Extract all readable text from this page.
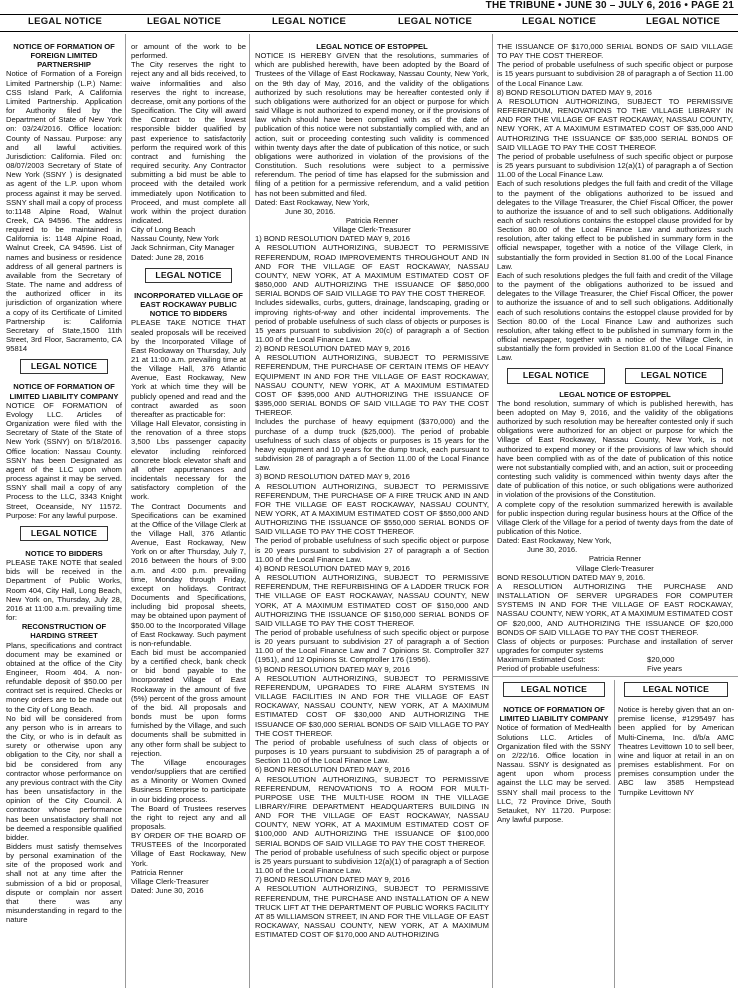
THE TRIBUNE • JUNE 30 – JULY 6, 2016 • PAGE 21
LEGAL NOTICE	LEGAL NOTICE	LEGAL NOTICE	LEGAL NOTICE	LEGAL NOTICE	LEGAL NOTICE

NOTICE OF FORMATION OF FOREIGN LIMITED PARTNERSHIP

Notice of Formation of a Foreign Limited Partnership (L.P.) Name: CSS Island Park, A California Limited Partnership. Application for Authority filed by the Department of State of New York on: 03/24/2016. Office location: County of Nassau. Purpose: any and all lawful activities. Jurisdiction: California. Filed on: 08/07/2003 Secretary of State of New York (SSNY ) is designated as agent of the L.P. upon whom process against it may be served. SSNY shall mail a copy of process to:1148 Alpine Road, Walnut Creek, CA 94596. The address required to be maintained in California is: 1148 Alpine Road, Walnut Creek, CA 94596. List of names and business or residence address of all general partners is available from the Secretary of State. The name and address of the authorized officer in its jurisdiction of organization where a copy of its Certificate of Limited Partnership is: California Secretary of State,1500 11th Street, 3rd Floor, Sacramento, CA 95814

LEGAL NOTICE

NOTICE OF FORMATION OF LIMITED LIABILITY COMPANY

NOTICE OF FORMATION of Evology LLC. Articles of Organization were filed with the Secretary of State of the State of New York (SSNY) on 5/18/2016. Office location: Nassau County. SSNY has been Designated as agent of the LLC upon whom process against it may be served. SSNY shall mail a copy of any Process to the LLC, 3343 Knight Street, Oceanside, NY 11572. Purpose: For any lawful purpose.

LEGAL NOTICE

NOTICE TO BIDDERS

PLEASE TAKE NOTE that sealed bids will be received in the Department of Public Works, Room 404, City Hall, Long Beach, New York on, Thursday, July 28, 2016 at 11:00 a.m. prevailing time for:

RECONSTRUCTION OF HARDING STREET

Plans, specifications and contract document may be examined or obtained at the office of the City Engineer, Room 404. A non-refundable deposit of $50.00 per contract set is required. Checks or money orders are to be made out to the City of Long Beach.

No bid will be considered from any person who is in arrears to the City, or who is in default as surety or otherwise upon any obligation to the City, nor shall a bid be considered from any contractor whose performance on any previous contract with the City has been unsatisfactory in the opinion of the City Council. A contractor whose performance has been unsatisfactory shall not be deemed a responsible qualified bidder.

Bidders must satisfy themselves by personal examination of the site of the proposed work and shall not at any time after the submission of a bid or proposal, dispute or complain nor assert that there was any misunderstanding in regard to the nature

or amount of the work to be performed.

The City reserves the right to reject any and all bids received, to waive informalities and also reserves the right to increase, decrease, omit any portions of the Specification. The City will award the Contract to the lowest responsible bidder qualified by past experience to satisfactorily perform the required work of this contract and furnishing the required security. Any Contractor submitting a bid must be able to proceed with the detailed work immediately upon Notification to Proceed, and must complete all work within the project duration indicated.

City of Long Beach

Nassau County, New York

Jack Schnirman, City Manager

Dated: June 28, 2016

LEGAL NOTICE

INCORPORATED VILLAGE OF EAST ROCKAWAY PUBLIC NOTICE TO BIDDERS

PLEASE TAKE NOTICE THAT sealed proposals will be received by the Incorporated Village of East Rockaway on Thursday, July 21 at 11:00 a.m. prevailing time at the Village Hall, 376 Atlantic Avenue, East Rockaway, New York at which time they will be publicly opened and read and the contract awarded as soon thereafter as practicable for:

Village Hall Elevator, consisting in the renovation of a three stops 3,500 Lbs passenger capacity elevator including reinforced concrete block elevator shaft and all other appurtenances and incidentals necessary for the satisfactory completion of the work.

The Contract Documents and Specifications can be examined at the Office of the Village Clerk at the Village Hall, 376 Atlantic Avenue, East Rockaway, New York on or after Thursday, July 7, 2016 between the hours of 9:00 a.m. and 4:00 p.m. prevailing time, Monday through Friday, except on holidays. Contract Documents and Specifications, including bid proposal sheets, may be obtained upon payment of $50.00 to the Incorporated Village of East Rockaway. Such payment is non-refundable.

Each bid must be accompanied by a certified check, bank check or bid bond payable to the Incorporated Village of East Rockaway in the amount of five (5%) percent of the gross amount of the bid. All proposals and bonds must be upon forms furnished by the Village, and such documents shall be submitted in any other form shall be subject to rejection.

The Village encourages vendor/suppliers that are certified as a Minority or Women Owned Business Enterprise to participate in our bidding process.

The Board of Trustees reserves the right to reject any and all proposals.

BY ORDER OF THE BOARD OF TRUSTEES of the Incorporated Village of East Rockaway, New York.

Patricia Renner

Village Clerk-Treasurer

Dated: June 30, 2016

LEGAL NOTICE OF ESTOPPEL

NOTICE IS HEREBY GIVEN that the resolutions, summaries of which are published herewith, have been adopted by the Board of Trustees of the Village of East Rockaway, Nassau County, New York, on the 9th day of May, 2016, and the validity of the obligations authorized by such resolutions may be hereafter contested only if such obligations were authorized for an object or purpose for which said Village is not authorized to expend money, or if the provisions of law which should have been complied with as of the date of publication of this notice were not substantially complied with, and an action, suit or proceeding contesting such validity is commenced within twenty days after the date of publication of this notice, or such obligations were authorized in violation of the provisions of the Constitution. Such resolutions were subject to a permissive referendum. The period of time has elapsed for the submission and filing of a petition for a permissive referendum, and a valid petition has not been submitted and filed.

Dated: East Rockaway, New York,

June 30, 2016.

Patricia Renner

Village Clerk-Treasurer

1) BOND RESOLUTION DATED MAY 9, 2016

A RESOLUTION AUTHORIZING, SUBJECT TO PERMISSIVE REFERENDUM, ROAD IMPROVEMENTS THROUGHOUT AND IN AND FOR THE VILLAGE OF EAST ROCKAWAY, NASSAU COUNTY, NEW YORK, AT A MAXIMUM ESTIMATED COST OF $850,000 AND AUTHORIZING THE ISSUANCE OF $850,000 SERIAL BONDS OF SAID VILLAGE TO PAY THE COST THEREOF.

Includes sidewalks, curbs, gutters, drainage, landscaping, grading or improving rights-of-way and other incidental improvements. The period of probable usefulness of such class of objects or purposes is 15 years pursuant to subdivision 20(c) of paragraph a of Section 11.00 of the Local Finance Law.

2) BOND RESOLUTION DATED MAY 9, 2016

A RESOLUTION AUTHORIZING, SUBJECT TO PERMISSIVE REFERENDUM, THE PURCHASE OF CERTAIN ITEMS OF HEAVY EQUIPMENT IN AND FOR THE VILLAGE OF EAST ROCKAWAY, NASSAU COUNTY, NEW YORK, AT A MAXIMUM ESTIMATED COST OF $395,000 AND AUTHORIZING THE ISSUANCE OF $395,000 SERIAL BONDS OF SAID VILLAGE TO PAY THE COST THEREOF.

Includes the purchase of heavy equipment ($370,000) and the purchase of a dump truck ($25,000). The period of probable usefulness of such class of objects or purposes is 15 years for the heavy equipment and 10 years for the dump truck, each pursuant to subdivision 28 of paragraph a of Section 11.00 of the Local Finance Law.

3) BOND RESOLUTION DATED MAY 9, 2016

A RESOLUTION AUTHORIZING, SUBJECT TO PERMISSIVE REFERENDUM, THE PURCHASE OF A FIRE TRUCK AND IN AND FOR THE VILLAGE OF EAST ROCKAWAY, NASSAU COUNTY, NEW YORK, AT A MAXIMUM ESTIMATED COST OF $550,000 AND AUTHORIZING THE ISSUANCE OF $550,000 SERIAL BONDS OF SAID VILLAGE TO PAY THE COST THEREOF.

The period of probable usefulness of such specific object or purpose is 20 years pursuant to subdivision 27 of paragraph a of Section 11.00 of the Local Finance Law.

4) BOND RESOLUTION DATED MAY 9, 2016

A RESOLUTION AUTHORIZING, SUBJECT TO PERMISSIVE REFERENDUM, THE REFURBISHING OF A LADDER TRUCK FOR THE VILLAGE OF EAST ROCKAWAY, NASSAU COUNTY, NEW YORK, AT A MAXIMUM ESTIMATED COST OF $150,000 AND AUTHORIZING THE ISSUANCE OF $150,000 SERIAL BONDS OF SAID VILLAGE TO PAY THE COST THEREOF.

The period of probable usefulness of such specific object or purpose is 20 years pursuant to subdivision 27 of paragraph a of Section 11.00 of the Local Finance Law and 7 Opinions St. Comptroller 327 (1951), and 12 Opinions St. Comptroller 176 (1956).

5) BOND RESOLUTION DATED MAY 9, 2016

A RESOLUTION AUTHORIZING, SUBJECT TO PERMISSIVE REFERENDUM, UPGRADES TO FIRE ALARM SYSTEMS IN VILLAGE FACILITIES IN AND FOR THE VILLAGE OF EAST ROCKAWAY, NASSAU COUNTY, NEW YORK, AT A MAXIMUM ESTIMATED COST OF $30,000 AND AUTHORIZING THE ISSUANCE OF $30,000 SERIAL BONDS OF SAID VILLAGE TO PAY THE COST THEREOF.

The period of probable usefulness of such class of objects or purposes is 10 years pursuant to subdivision 25 of paragraph a of Section 11.00 of the Local Finance Law.

6) BOND RESOLUTION DATED MAY 9, 2016

A RESOLUTION AUTHORIZING, SUBJECT TO PERMISSIVE REFERENDUM, RENOVATIONS TO A ROOM FOR MULTI-PURPOSE USE THE MULTI-USE ROOM IN THE VILLAGE LIBRARY/FIRE DEPARTMENT HEADQUARTERS BUILDING IN AND FOR THE VILLAGE OF EAST ROCKAWAY, NASSAU COUNTY, NEW YORK, AT A MAXIMUM ESTIMATED COST OF $100,000 AND AUTHORIZING THE ISSUANCE OF $100,000 SERIAL BONDS OF SAID VILLAGE TO PAY THE COST THEREOF.

The period of probable usefulness of such specific object or purpose is 25 years pursuant to subdivision 12(a)(1) of paragraph a of Section 11.00 of the Local Finance Law.

7) BOND RESOLUTION DATED MAY 9, 2016

A RESOLUTION AUTHORIZING, SUBJECT TO PERMISSIVE REFERENDUM, THE PURCHASE AND INSTALLATION OF A NEW TRUCK LIFT AT THE DEPARTMENT OF PUBLIC WORKS FACILITY AT 85 WILLIAMSON STREET, IN AND FOR THE VILLAGE OF EAST ROCKAWAY, NASSAU COUNTY, NEW YORK, AT A MAXIMUM ESTIMATED COST OF $170,000 AND AUTHORIZING

THE ISSUANCE OF $170,000 SERIAL BONDS OF SAID VILLAGE TO PAY THE COST THEREOF.

The period of probable usefulness of such specific object or purpose is 15 years pursuant to subdivision 28 of paragraph a of Section 11.00 of the Local Finance Law.

8) BOND RESOLUTION DATED MAY 9, 2016

A RESOLUTION AUTHORIZING, SUBJECT TO PERMISSIVE REFERENDUM, RENOVATIONS TO THE VILLAGE LIBRARY IN AND FOR THE VILLAGE OF EAST ROCKAWAY, NASSAU COUNTY, NEW YORK, AT A MAXIMUM ESTIMATED COST OF $35,000 AND AUTHORIZING THE ISSUANCE OF $35,000 SERIAL BONDS OF SAID VILLAGE TO PAY THE COST THEREOF.

The period of probable usefulness of such specific object or purpose is 25 years pursuant to subdivision 12(a)(1) of paragraph a of Section 11.00 of the Local Finance Law.

Each of such resolutions pledges the full faith and credit of the Village to the payment of the obligations authorized to be issued and delegates to the Village Treasurer, the Chief Fiscal Officer, the power to authorize the issuance of and to sell such obligations. Additionally each of such resolutions contains the estoppel clause provided for by Section 80.00 of the Local Finance Law and authorizes such resolution, after taking effect to be published in summary form in the official newspaper, together with a notice of the Village Clerk, in substantially the form provided in Section 81.00 of the Local Finance Law.

Each of such resolutions pledges the full faith and credit of the Village to the payment of the obligations authorized to be issued and delegates to the Village Treasurer, the Chief Fiscal Officer, the power to authorize the issuance of and to sell such obligations. Additionally each of such resolutions contains the estoppel clause provided for by Section 80.00 of the Local Finance Law and authorizes such resolution, after taking effect to be published in summary form in the official newspaper, together with a notice of the Village Clerk, in substantially the form provided in Section 81.00 of the Local Finance Law.

LEGAL NOTICE	LEGAL NOTICE

LEGAL NOTICE OF ESTOPPEL

The bond resolution, summary of which is published herewith, has been adopted on May 9, 2016, and the validity of the obligations authorized by such resolution may be hereafter contested only if such obligations were authorized for an object or purpose for which the Village of East Rockaway, Nassau County, New York, is not authorized to expend money or if the provisions of law which should have been complied with as of the date of publication of this notice were not substantially complied with, and an action, suit or proceeding contesting such validity is commenced within twenty days after the date of publication of this notice, or such obligations were authorized in violation of the provisions of the Constitution.

A complete copy of the resolution summarized herewith is available for public inspection during regular business hours at the Office of the Village Clerk of the Village for a period of twenty days from the date of publication of this Notice.

Dated: East Rockaway, New York,

June 30, 2016.

Patricia Renner

Village Clerk-Treasurer

BOND RESOLUTION DATED MAY 9, 2016.

A RESOLUTION AUTHORIZING THE PURCHASE AND INSTALLATION OF SERVER UPGRADES FOR COMPUTER SYSTEMS IN AND FOR THE VILLAGE OF EAST ROCKAWAY, NASSAU COUNTY, NEW YORK, AT A MAXIMUM ESTIMATED COST OF $20,000, AND AUTHORIZING THE ISSUANCE OF $20,000 BONDS OF SAID VILLAGE TO PAY THE COST THEREOF.

Class of objects or purposes: Purchase and installation of server upgrades for computer systems

Maximum Estimated Cost:	$20,000
Period of probable usefulness:	Five years

LEGAL NOTICE

NOTICE OF FORMATION OF LIMITED LIABILITY COMPANY

Notice of formation of MedHealth Solutions LLC. Articles of Organization filed with the SSNY on 2/22/16. Office location in Nassau. SSNY is designated as agent upon whom process against the LLC may be served. SSNY shall mail process to the LLC, 72 Province Drive, South Setauket, NY 11720. Purpose: Any lawful purpose.

LEGAL NOTICE

Notice is hereby given that an on-premise license, #1295497 has been applied for by American Multi-Cinema, Inc. d/b/a AMC Theatres Levittown 10 to sell beer, wine and liquor at retail in an on premises establishment. For on premises consumption under the ABC law 3585 Hempstead Turnpike Levittown NY
